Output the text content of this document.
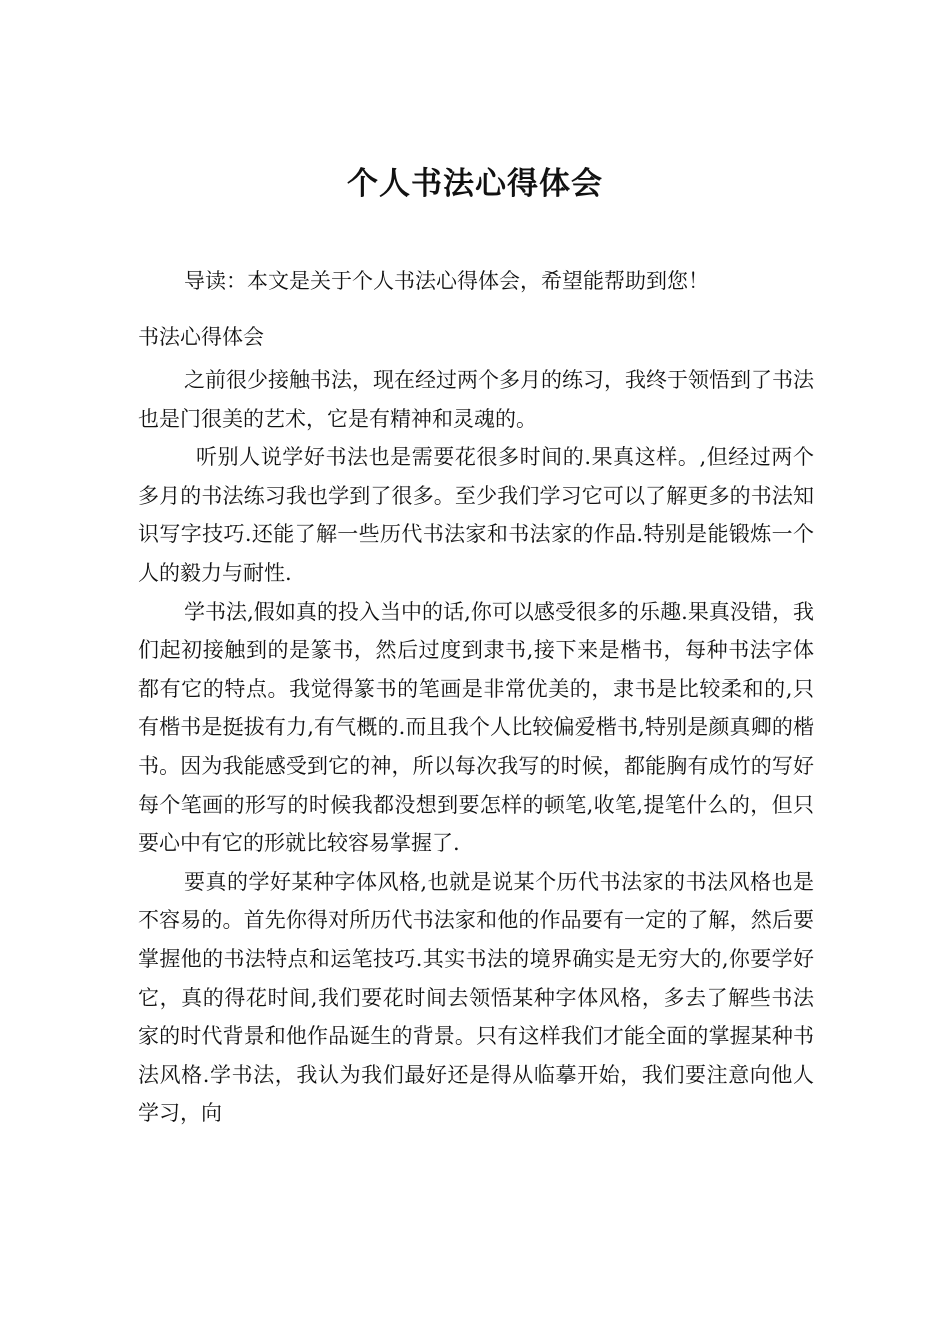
个人书法心得体会
导读：本文是关于个人书法心得体会，希望能帮助到您！
书法心得体会

之前很少接触书法，现在经过两个多月的练习，我终于领悟到了书法也是门很美的艺术，它是有精神和灵魂的。

听别人说学好书法也是需要花很多时间的.果真这样。,但经过两个多月的书法练习我也学到了很多。至少我们学习它可以了解更多的书法知识写字技巧.还能了解一些历代书法家和书法家的作品.特别是能锻炼一个人的毅力与耐性.

学书法,假如真的投入当中的话,你可以感受很多的乐趣.果真没错，我们起初接触到的是篆书，然后过度到隶书,接下来是楷书，每种书法字体都有它的特点。我觉得篆书的笔画是非常优美的，隶书是比较柔和的,只有楷书是挺拔有力,有气概的.而且我个人比较偏爱楷书,特别是颜真卿的楷书。因为我能感受到它的神，所以每次我写的时候，都能胸有成竹的写好每个笔画的形写的时候我都没想到要怎样的顿笔,收笔,提笔什么的，但只要心中有它的形就比较容易掌握了.

要真的学好某种字体风格,也就是说某个历代书法家的书法风格也是不容易的。首先你得对所历代书法家和他的作品要有一定的了解，然后要掌握他的书法特点和运笔技巧.其实书法的境界确实是无穷大的,你要学好它，真的得花时间,我们要花时间去领悟某种字体风格，多去了解些书法家的时代背景和他作品诞生的背景。只有这样我们才能全面的掌握某种书法风格.学书法，我认为我们最好还是得从临摹开始，我们要注意向他人学习，向
